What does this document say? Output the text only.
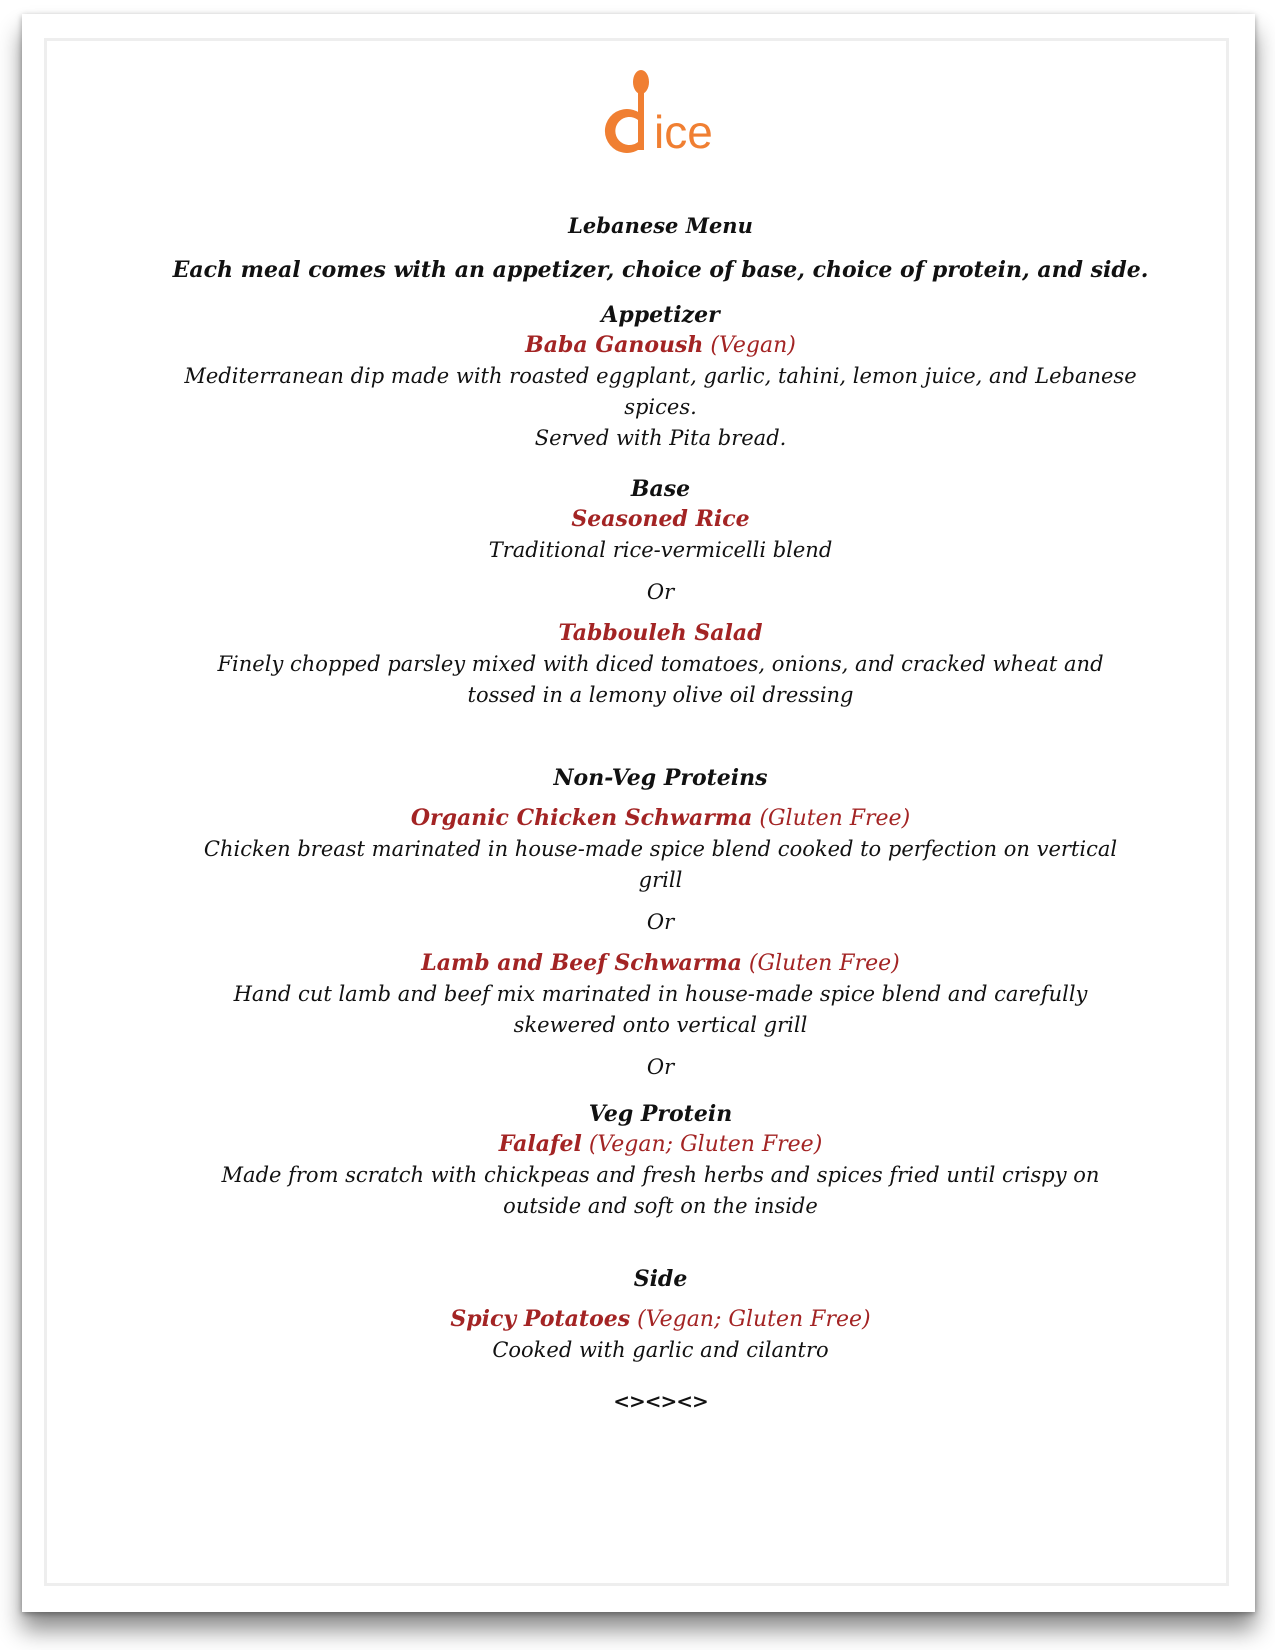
ice

Lebanese Menu

Each meal comes with an appetizer, choice of base, choice of protein, and side.

Appetizer

Baba Ganoush (Vegan)

Mediterranean dip made with roasted eggplant, garlic, tahini, lemon juice, and Lebanese spices.

Served with Pita bread.

Base

Seasoned Rice

Traditional rice-vermicelli blend

Or

Tabbouleh Salad

Finely chopped parsley mixed with diced tomatoes, onions, and cracked wheat and tossed in a lemony olive oil dressing

Non-Veg Proteins

Organic Chicken Schwarma (Gluten Free)

Chicken breast marinated in house-made spice blend cooked to perfection on vertical grill

Or

Lamb and Beef Schwarma (Gluten Free)

Hand cut lamb and beef mix marinated in house-made spice blend and carefully skewered onto vertical grill

Or

Veg Protein

Falafel (Vegan; Gluten Free)

Made from scratch with chickpeas and fresh herbs and spices fried until crispy on outside and soft on the inside

Side

Spicy Potatoes (Vegan; Gluten Free)

Cooked with garlic and cilantro

<><><>
